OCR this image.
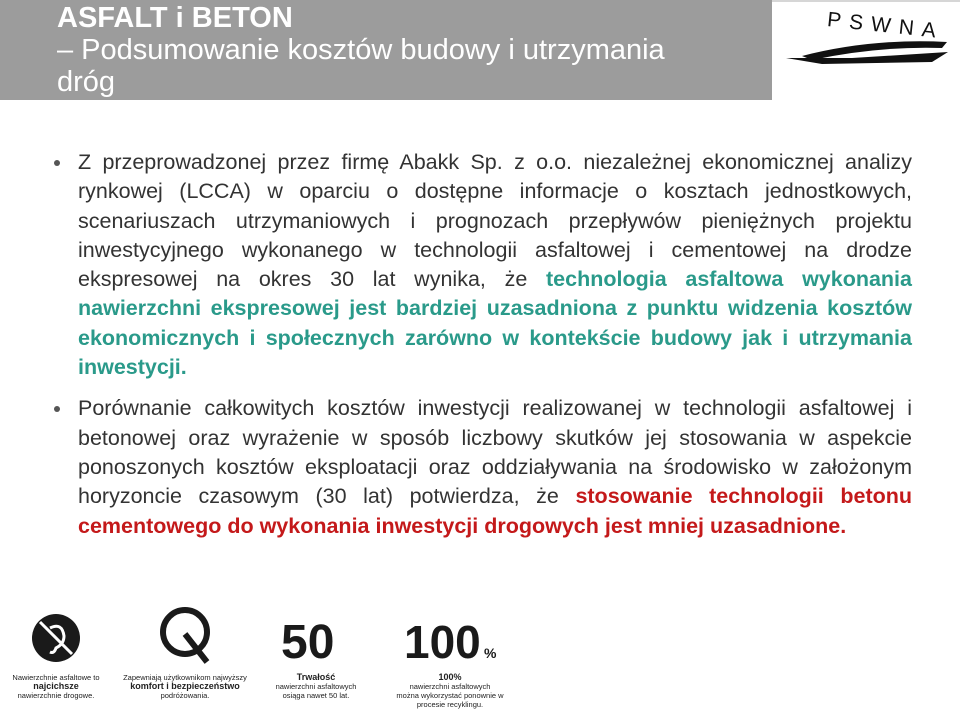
ASFALT i BETON
– Podsumowanie kosztów budowy i utrzymania
dróg
PSWNA
Z przeprowadzonej przez firmę Abakk Sp. z o.o. niezależnej ekonomicznej analizy rynkowej (LCCA) w oparciu o dostępne informacje o kosztach jednostkowych, scenariuszach utrzymaniowych i prognozach przepływów pieniężnych projektu inwestycyjnego wykonanego w technologii asfaltowej i cementowej na drodze ekspresowej na okres 30 lat wynika, że technologia asfaltowa wykonania nawierzchni ekspresowej jest bardziej uzasadniona z punktu widzenia kosztów ekonomicznych i społecznych zarówno w kontekście budowy jak i utrzymania inwestycji.
Porównanie całkowitych kosztów inwestycji realizowanej w technologii asfaltowej i betonowej oraz wyrażenie w sposób liczbowy skutków jej stosowania w aspekcie ponoszonych kosztów eksploatacji oraz oddziaływania na środowisko w założonym horyzoncie czasowym (30 lat) potwierdza, że stosowanie technologii betonu cementowego do wykonania inwestycji drogowych jest mniej uzasadnione.
Nawierzchnie asfaltowe to
najcichsze
nawierzchnie drogowe.
Zapewniają użytkownikom najwyższy
komfort i bezpieczeństwo
podróżowania.
50
Trwałość
nawierzchni asfaltowych
osiąga nawet 50 lat.
100 %
100%
nawierzchni asfaltowych
można wykorzystać ponownie w procesie recyklingu.
